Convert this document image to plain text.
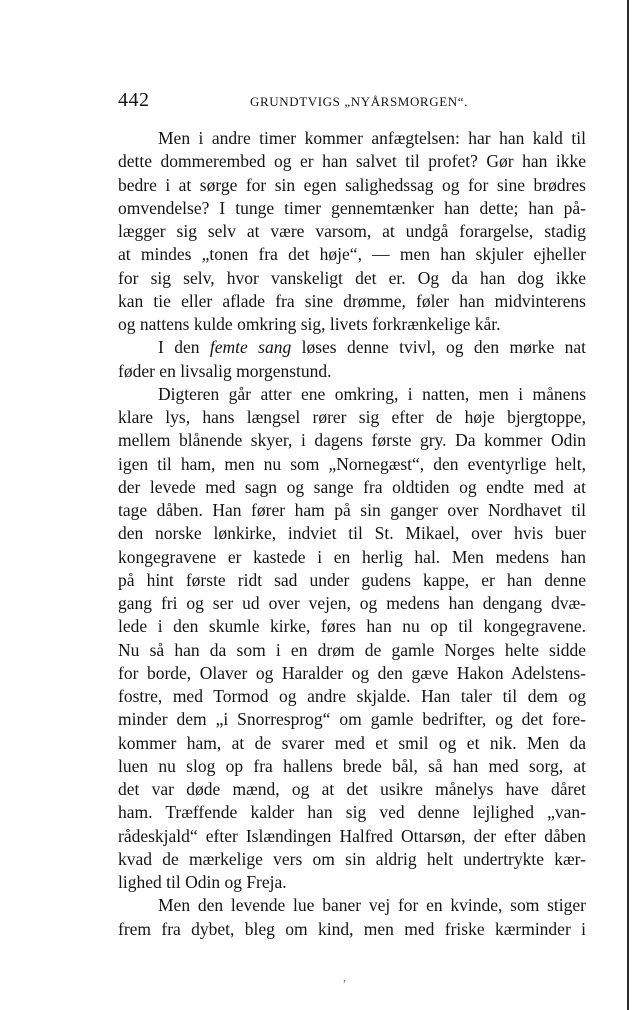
442	GRUNDTVIGS „NYÅRSMORGEN“.
Men i andre timer kommer anfægtelsen: har han kald til
dette dommerembed og er han salvet til profet? Gør han ikke
bedre i at sørge for sin egen salighedssag og for sine brødres
omvendelse? I tunge timer gennemtænker han dette; han på-
lægger sig selv at være varsom, at undgå forargelse, stadig
at mindes „tonen fra det høje“, — men han skjuler ejheller
for sig selv, hvor vanskeligt det er. Og da han dog ikke
kan tie eller aflade fra sine drømme, føler han midvinterens
og nattens kulde omkring sig, livets forkrænkelige kår.
I den femte sang løses denne tvivl, og den mørke nat
føder en livsalig morgenstund.
Digteren går atter ene omkring, i natten, men i månens
klare lys, hans længsel rører sig efter de høje bjergtoppe,
mellem blånende skyer, i dagens første gry. Da kommer Odin
igen til ham, men nu som „Nornegæst“, den eventyrlige helt,
der levede med sagn og sange fra oldtiden og endte med at
tage dåben. Han fører ham på sin ganger over Nordhavet til
den norske lønkirke, indviet til St. Mikael, over hvis buer
kongegravene er kastede i en herlig hal. Men medens han
på hint første ridt sad under gudens kappe, er han denne
gang fri og ser ud over vejen, og medens han dengang dvæ-
lede i den skumle kirke, føres han nu op til kongegravene.
Nu så han da som i en drøm de gamle Norges helte sidde
for borde, Olaver og Haralder og den gæve Hakon Adelstens-
fostre, med Tormod og andre skjalde. Han taler til dem og
minder dem „i Snorresprog“ om gamle bedrifter, og det fore-
kommer ham, at de svarer med et smil og et nik. Men da
luen nu slog op fra hallens brede bål, så han med sorg, at
det var døde mænd, og at det usikre månelys have dåret
ham. Træffende kalder han sig ved denne lejlighed „van-
rådeskjald“ efter Islændingen Halfred Ottarsøn, der efter dåben
kvad de mærkelige vers om sin aldrig helt undertrykte kær-
lighed til Odin og Freja.
Men den levende lue baner vej for en kvinde, som stiger
frem fra dybet, bleg om kind, men med friske kærminder i
,
